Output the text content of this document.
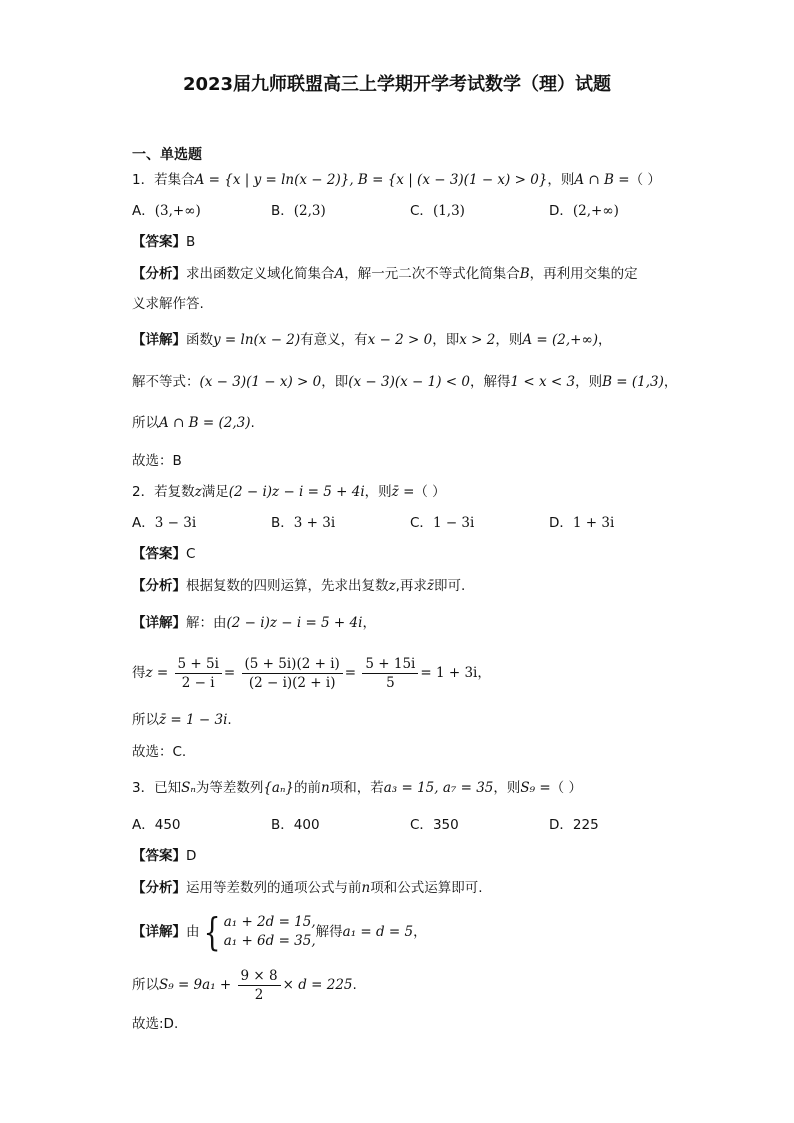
2023届九师联盟高三上学期开学考试数学（理）试题
一、单选题
1．若集合A = {x | y = ln(x − 2)}, B = {x | (x − 3)(1 − x) > 0}，则A ∩ B =（ ）
A．(3,+∞)	B．(2,3)	C．(1,3)	D．(2,+∞)
【答案】B
【分析】求出函数定义域化简集合A，解一元二次不等式化简集合B，再利用交集的定
义求解作答.
【详解】函数y = ln(x − 2)有意义，有x − 2 > 0，即x > 2，则A = (2,+∞)，
解不等式：(x − 3)(1 − x) > 0，即(x − 3)(x − 1) < 0，解得1 < x < 3，则B = (1,3)，
所以A ∩ B = (2,3).
故选：B
2．若复数z满足(2 − i)z − i = 5 + 4i，则z̄ =（ ）
A．3 − 3i	B．3 + 3i	C．1 − 3i	D．1 + 3i
【答案】C
【分析】根据复数的四则运算，先求出复数z,再求z̄即可.
【详解】解：由(2 − i)z − i = 5 + 4i，
得$z = \frac{5 + 5i}{2 - i} = \frac{(5 + 5i)(2 + i)}{(2 - i)(2 + i)} = \frac{5 + 15i}{5} = 1 + 3i$，
所以z̄ = 1 − 3i.
故选：C.
3．已知Sₙ为等差数列{aₙ}的前n项和，若a₃ = 15, a₇ = 35，则S₉ =（ ）
A．450	B．400	C．350	D．225
【答案】D
【分析】运用等差数列的通项公式与前n项和公式运算即可.
【详解】由{ a₁ + 2d = 15,
a₁ + 6d = 35,
解得a₁ = d = 5，
所以$S_9 = 9a_1 + \frac{9 \times 8}{2} \times d = 225$.
故选:D.
